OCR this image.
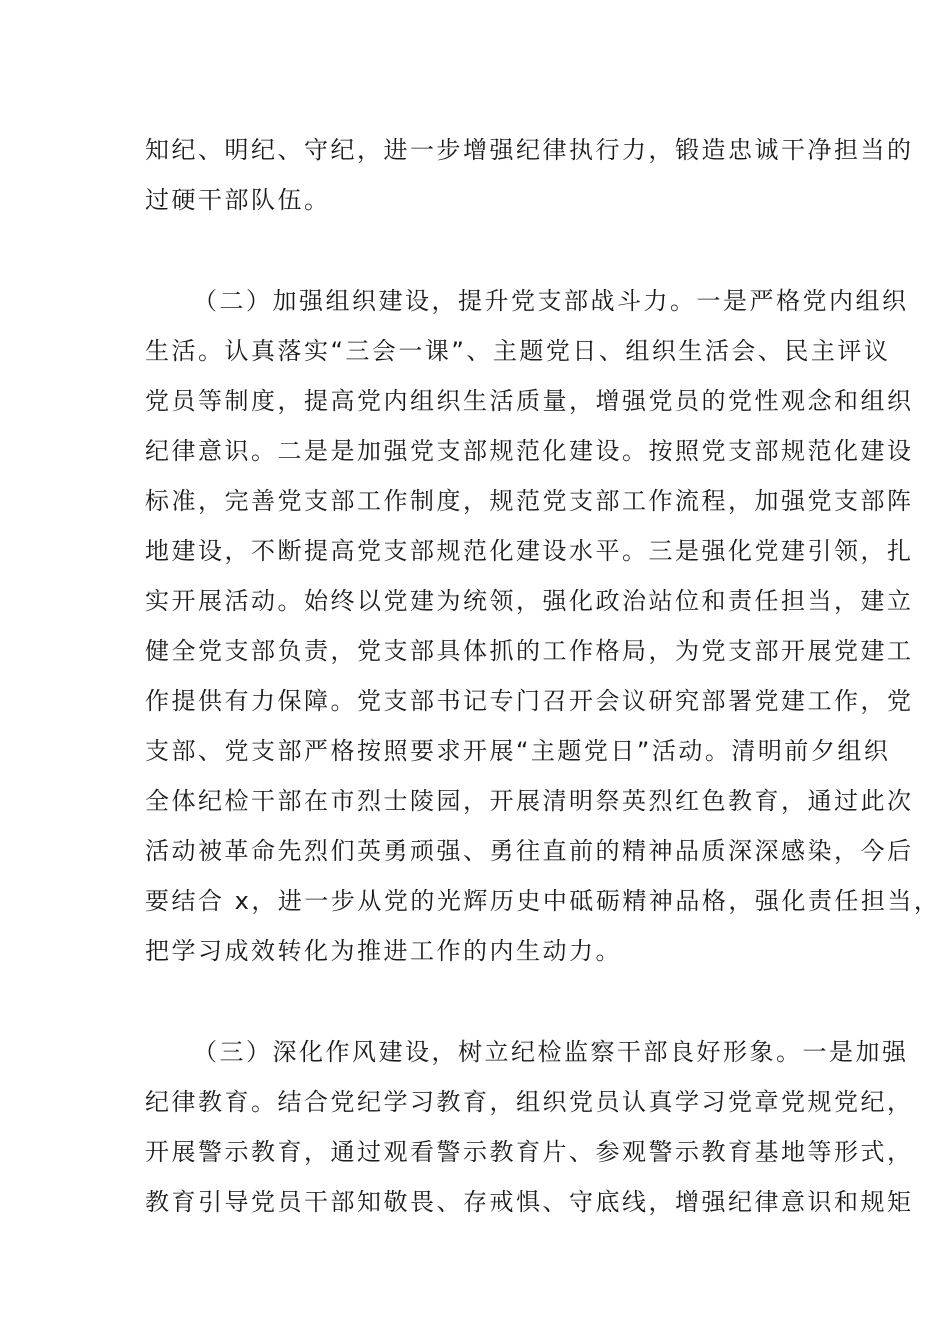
知纪、明纪、守纪，进一步增强纪律执行力，锻造忠诚干净担当的
过硬干部队伍。
（二）加强组织建设，提升党支部战斗力。一是严格党内组织
生活。认真落实“三会一课”、主题党日、组织生活会、民主评议
党员等制度，提高党内组织生活质量，增强党员的党性观念和组织
纪律意识。二是是加强党支部规范化建设。按照党支部规范化建设
标准，完善党支部工作制度，规范党支部工作流程，加强党支部阵
地建设，不断提高党支部规范化建设水平。三是强化党建引领，扎
实开展活动。始终以党建为统领，强化政治站位和责任担当，建立
健全党支部负责，党支部具体抓的工作格局，为党支部开展党建工
作提供有力保障。党支部书记专门召开会议研究部署党建工作，党
支部、党支部严格按照要求开展“主题党日”活动。清明前夕组织
全体纪检干部在市烈士陵园，开展清明祭英烈红色教育，通过此次
活动被革命先烈们英勇顽强、勇往直前的精神品质深深感染，今后
要结合 x，进一步从党的光辉历史中砥砺精神品格，强化责任担当，
把学习成效转化为推进工作的内生动力。
（三）深化作风建设，树立纪检监察干部良好形象。一是加强
纪律教育。结合党纪学习教育，组织党员认真学习党章党规党纪，
开展警示教育，通过观看警示教育片、参观警示教育基地等形式，
教育引导党员干部知敬畏、存戒惧、守底线，增强纪律意识和规矩
